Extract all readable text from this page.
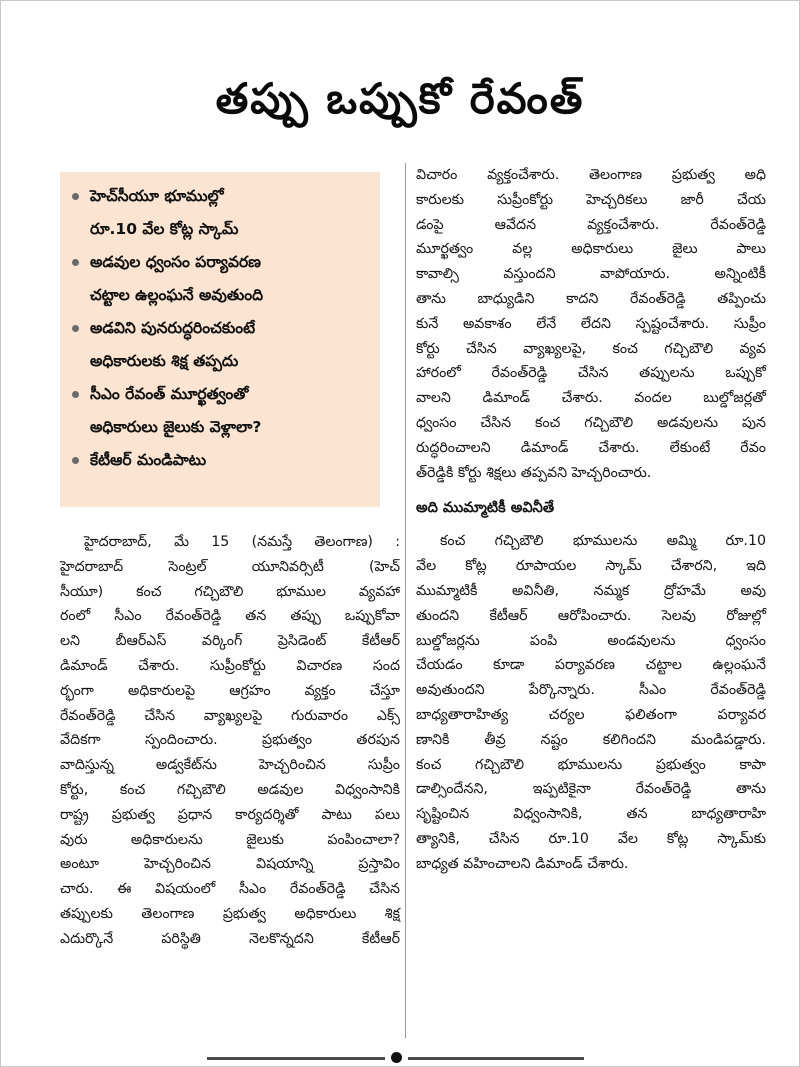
తప్పు ఒప్పుకో రేవంత్
హెచ్‌సీయూ భూముల్లో
రూ.10 వేల కోట్ల స్కామ్
అడవుల ధ్వంసం పర్యావరణ
చట్టాల ఉల్లంఘనే అవుతుంది
అడవిని పునరుద్ధరించకుంటే
అధికారులకు శిక్ష తప్పదు
సీఎం రేవంత్ మూర్ఖత్వంతో
అధికారులు జైలుకు వెళ్లాలా?
కేటీఆర్ మండిపాటు
హైదరాబాద్, మే 15 (నమస్తే తెలంగాణ) :
హైదరాబాద్ సెంట్రల్ యూనివర్సిటీ (హెచ్
సీయూ) కంచ గచ్చిబౌలి భూముల వ్యవహా
రంలో సీఎం రేవంత్‌రెడ్డి తన తప్పు ఒప్పుకోవా
లని బీఆర్‌ఎస్ వర్కింగ్ ప్రెసిడెంట్ కేటీఆర్
డిమాండ్ చేశారు. సుప్రీంకోర్టు విచారణ సంద
ర్భంగా అధికారులపై ఆగ్రహం వ్యక్తం చేస్తూ
రేవంత్‌రెడ్డి చేసిన వ్యాఖ్యలపై గురువారం ఎక్స్
వేదికగా స్పందించారు. ప్రభుత్వం తరపున
వాదిస్తున్న అడ్వకేట్‌ను హెచ్చరించిన సుప్రీం
కోర్టు, కంచ గచ్చిబౌలి అడవుల విధ్వంసానికి
రాష్ట్ర ప్రభుత్వ ప్రధాన కార్యదర్శితో పాటు పలు
వురు అధికారులను జైలుకు పంపించాలా?
అంటూ హెచ్చరించిన విషయాన్ని ప్రస్తావిం
చారు. ఈ విషయంలో సీఎం రేవంత్‌రెడ్డి చేసిన
తప్పులకు తెలంగాణ ప్రభుత్వ అధికారులు శిక్ష
ఎదుర్కొనే పరిస్థితి నెలకొన్నదని కేటీఆర్
విచారం వ్యక్తంచేశారు. తెలంగాణ ప్రభుత్వ అధి
కారులకు సుప్రీంకోర్టు హెచ్చరికలు జారీ చేయ
డంపై ఆవేదన వ్యక్తంచేశారు. రేవంత్‌రెడ్డి
మూర్ఖత్వం వల్ల అధికారులు జైలు పాలు
కావాల్సి వస్తుందని వాపోయారు. అన్నింటికీ
తాను బాధ్యుడిని కాదని రేవంత్‌రెడ్డి తప్పించు
కునే అవకాశం లేనే లేదని స్పష్టంచేశారు. సుప్రీం
కోర్టు చేసిన వ్యాఖ్యలపై, కంచ గచ్చిబౌలి వ్యవ
హారంలో రేవంత్‌రెడ్డి చేసిన తప్పులను ఒప్పుకో
వాలని డిమాండ్ చేశారు. వందల బుల్డోజర్లతో
ధ్వంసం చేసిన కంచ గచ్చిబౌలి అడవులను పున
రుద్ధరించాలని డిమాండ్ చేశారు. లేకుంటే రేవం
త్‌రెడ్డికి కోర్టు శిక్షలు తప్పవని హెచ్చరించారు.
అది ముమ్మాటికీ అవినీతే
కంచ గచ్చిబౌలి భూములను అమ్మి రూ.10
వేల కోట్ల రూపాయల స్కామ్ చేశారని, ఇది
ముమ్మాటికీ అవినీతి, నమ్మక ద్రోహమే అవు
తుందని కేటీఆర్ ఆరోపించారు. సెలవు రోజుల్లో
బుల్డోజర్లను పంపి అండవులను ధ్వంసం
చేయడం కూడా పర్యావరణ చట్టాల ఉల్లంఘనే
అవుతుందని పేర్కొన్నారు. సీఎం రేవంత్‌రెడ్డి
బాధ్యతారాహిత్య చర్యల ఫలితంగా పర్యావర
ణానికి తీవ్ర నష్టం కలిగిందని మండిపడ్డారు.
కంచ గచ్చిబౌలి భూములను ప్రభుత్వం కాపా
డాల్సిందేనని, ఇప్పటికైనా రేవంత్‌రెడ్డి తాను
సృష్టించిన విధ్వంసానికి, తన బాధ్యతారాహి
త్యానికి, చేసిన రూ.10 వేల కోట్ల స్కామ్‌కు
బాధ్యత వహించాలని డిమాండ్ చేశారు.
